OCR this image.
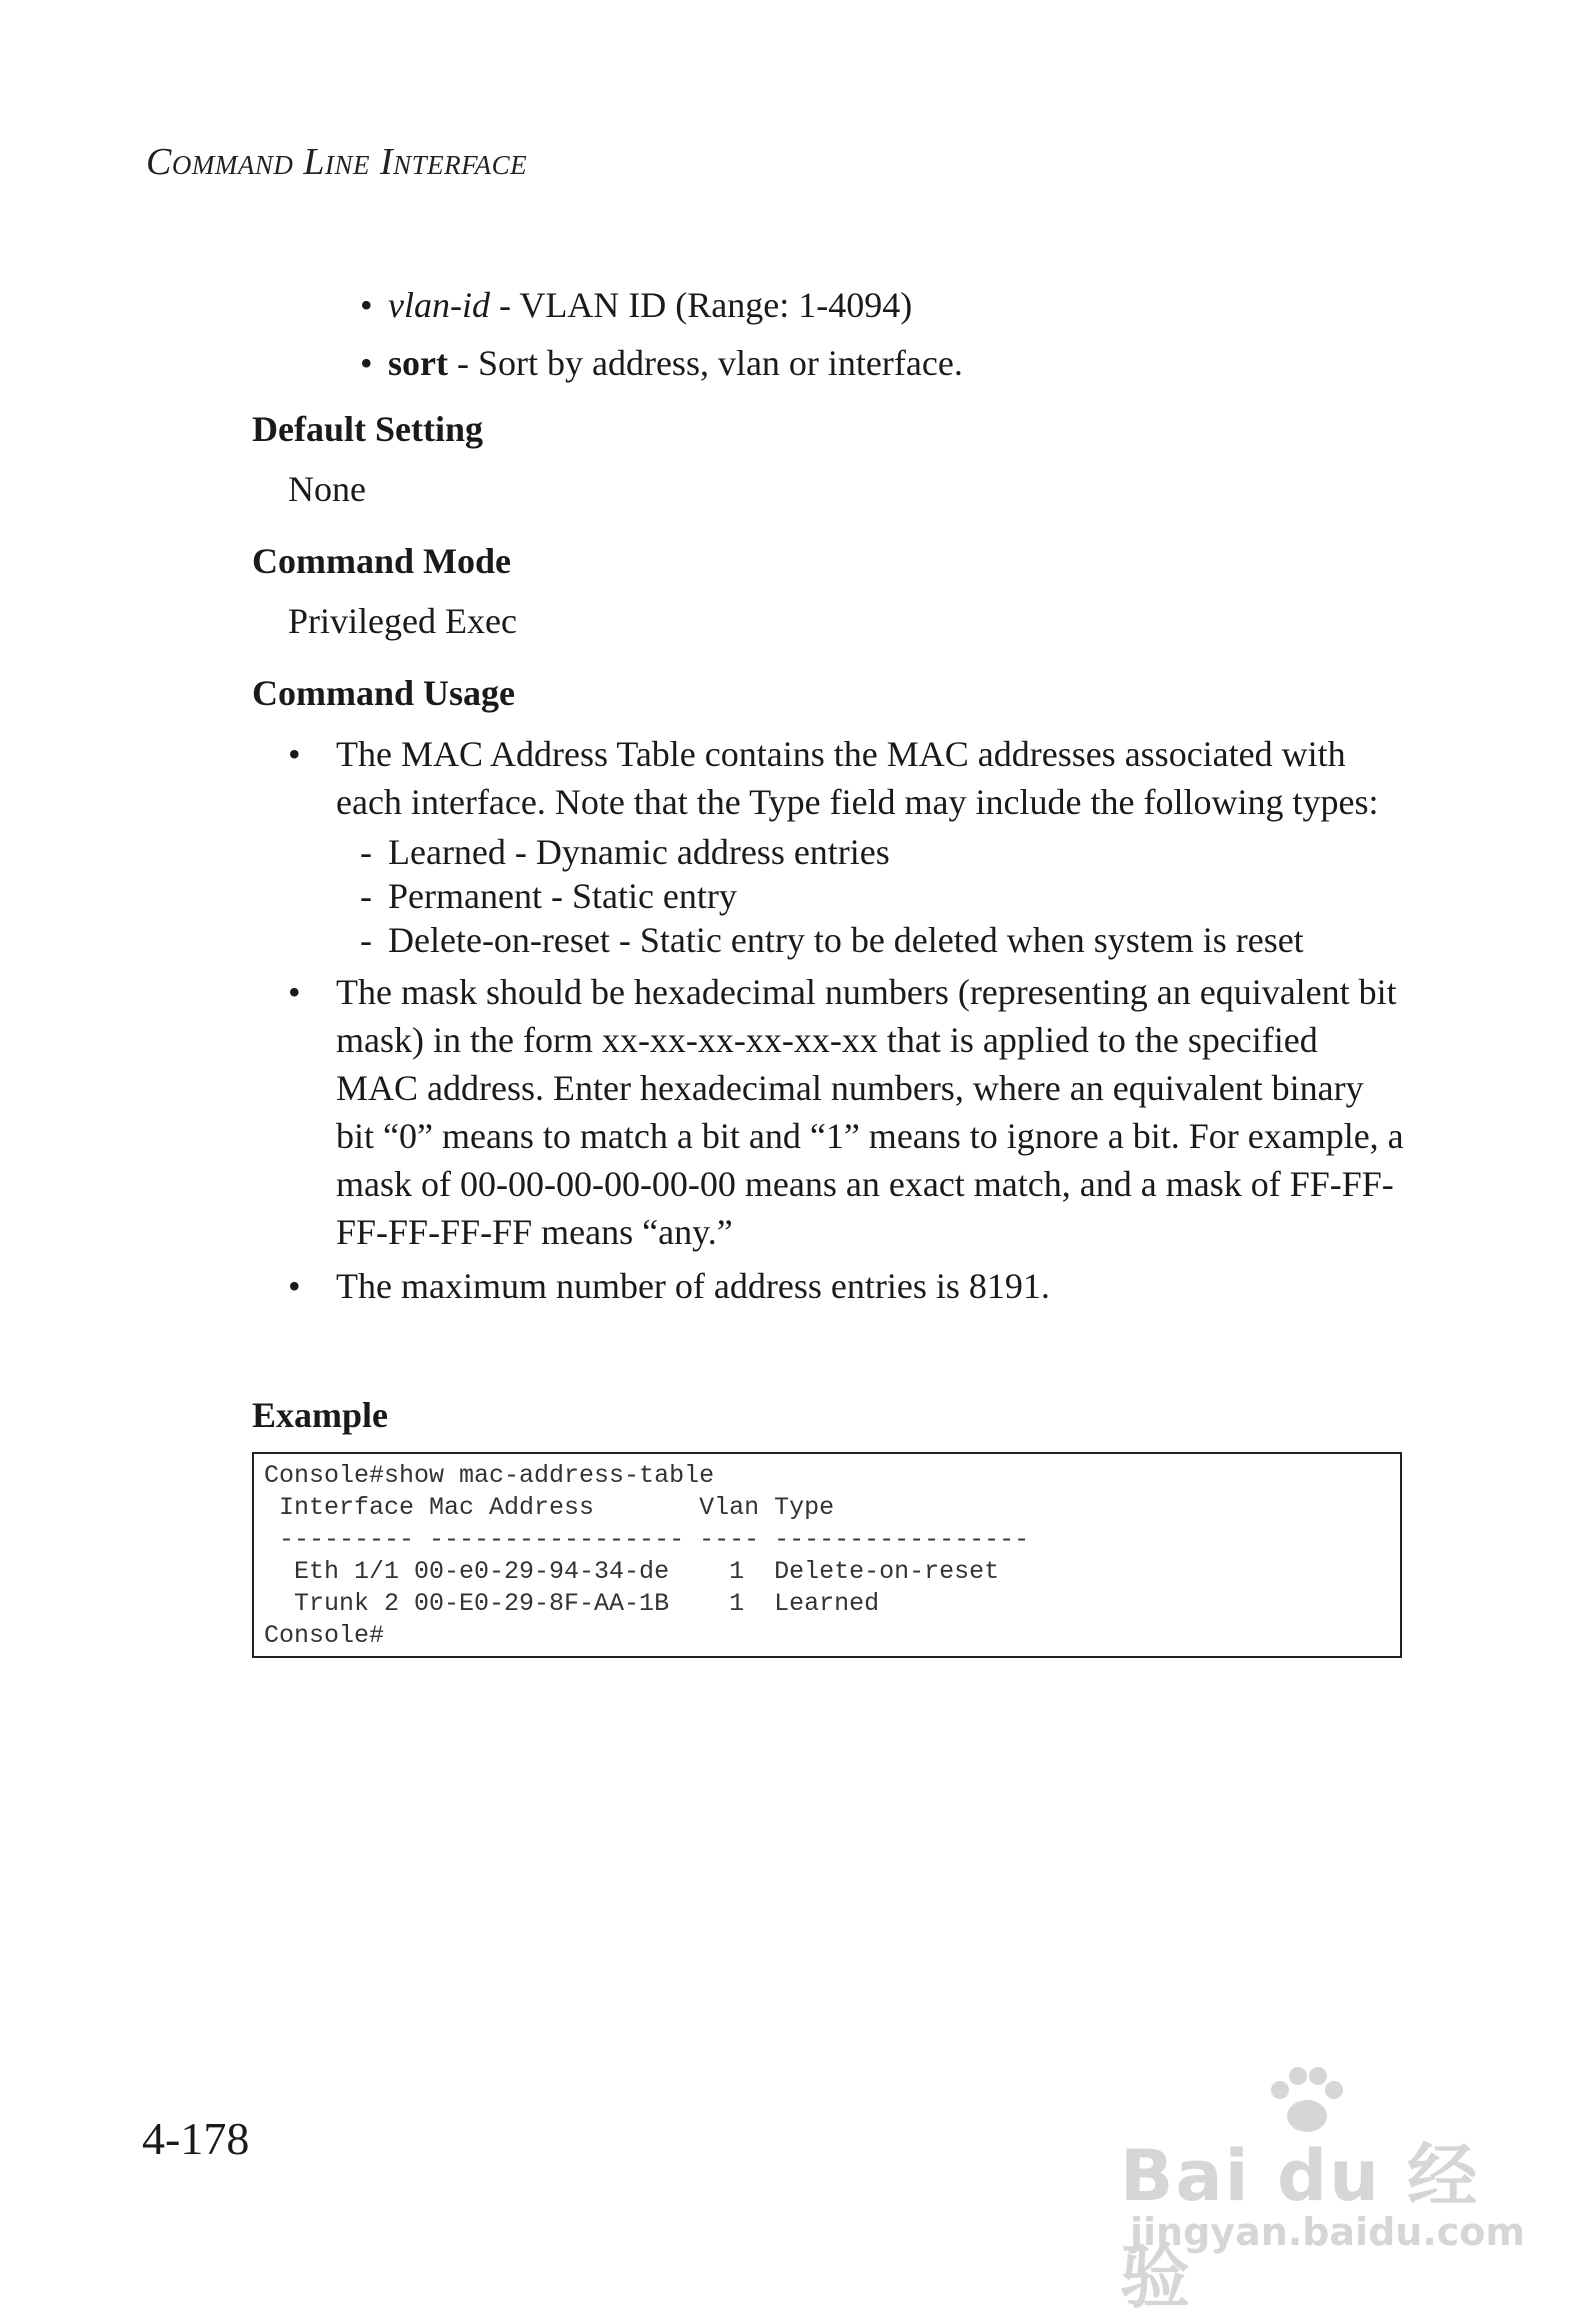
Command Line Interface
• vlan-id - VLAN ID (Range: 1-4094)
• sort - Sort by address, vlan or interface.
Default Setting
None
Command Mode
Privileged Exec
Command Usage
• The MAC Address Table contains the MAC addresses associated with each interface. Note that the Type field may include the following types:
- Learned - Dynamic address entries
- Permanent - Static entry
- Delete-on-reset - Static entry to be deleted when system is reset
• The mask should be hexadecimal numbers (representing an equivalent bit mask) in the form xx-xx-xx-xx-xx-xx that is applied to the specified MAC address. Enter hexadecimal numbers, where an equivalent binary bit “0” means to match a bit and “1” means to ignore a bit. For example, a mask of 00-00-00-00-00-00 means an exact match, and a mask of FF-FF-FF-FF-FF-FF means “any.”
• The maximum number of address entries is 8191.
Example
Console#show mac-address-table
Interface Mac Address       Vlan Type
--------- ----------------- ---- -----------------
Eth 1/1 00-e0-29-94-34-de    1  Delete-on-reset
Trunk 2 00-E0-29-8F-AA-1B    1  Learned
Console#
4-178	Bai du 经验
jingyan.baidu.com
